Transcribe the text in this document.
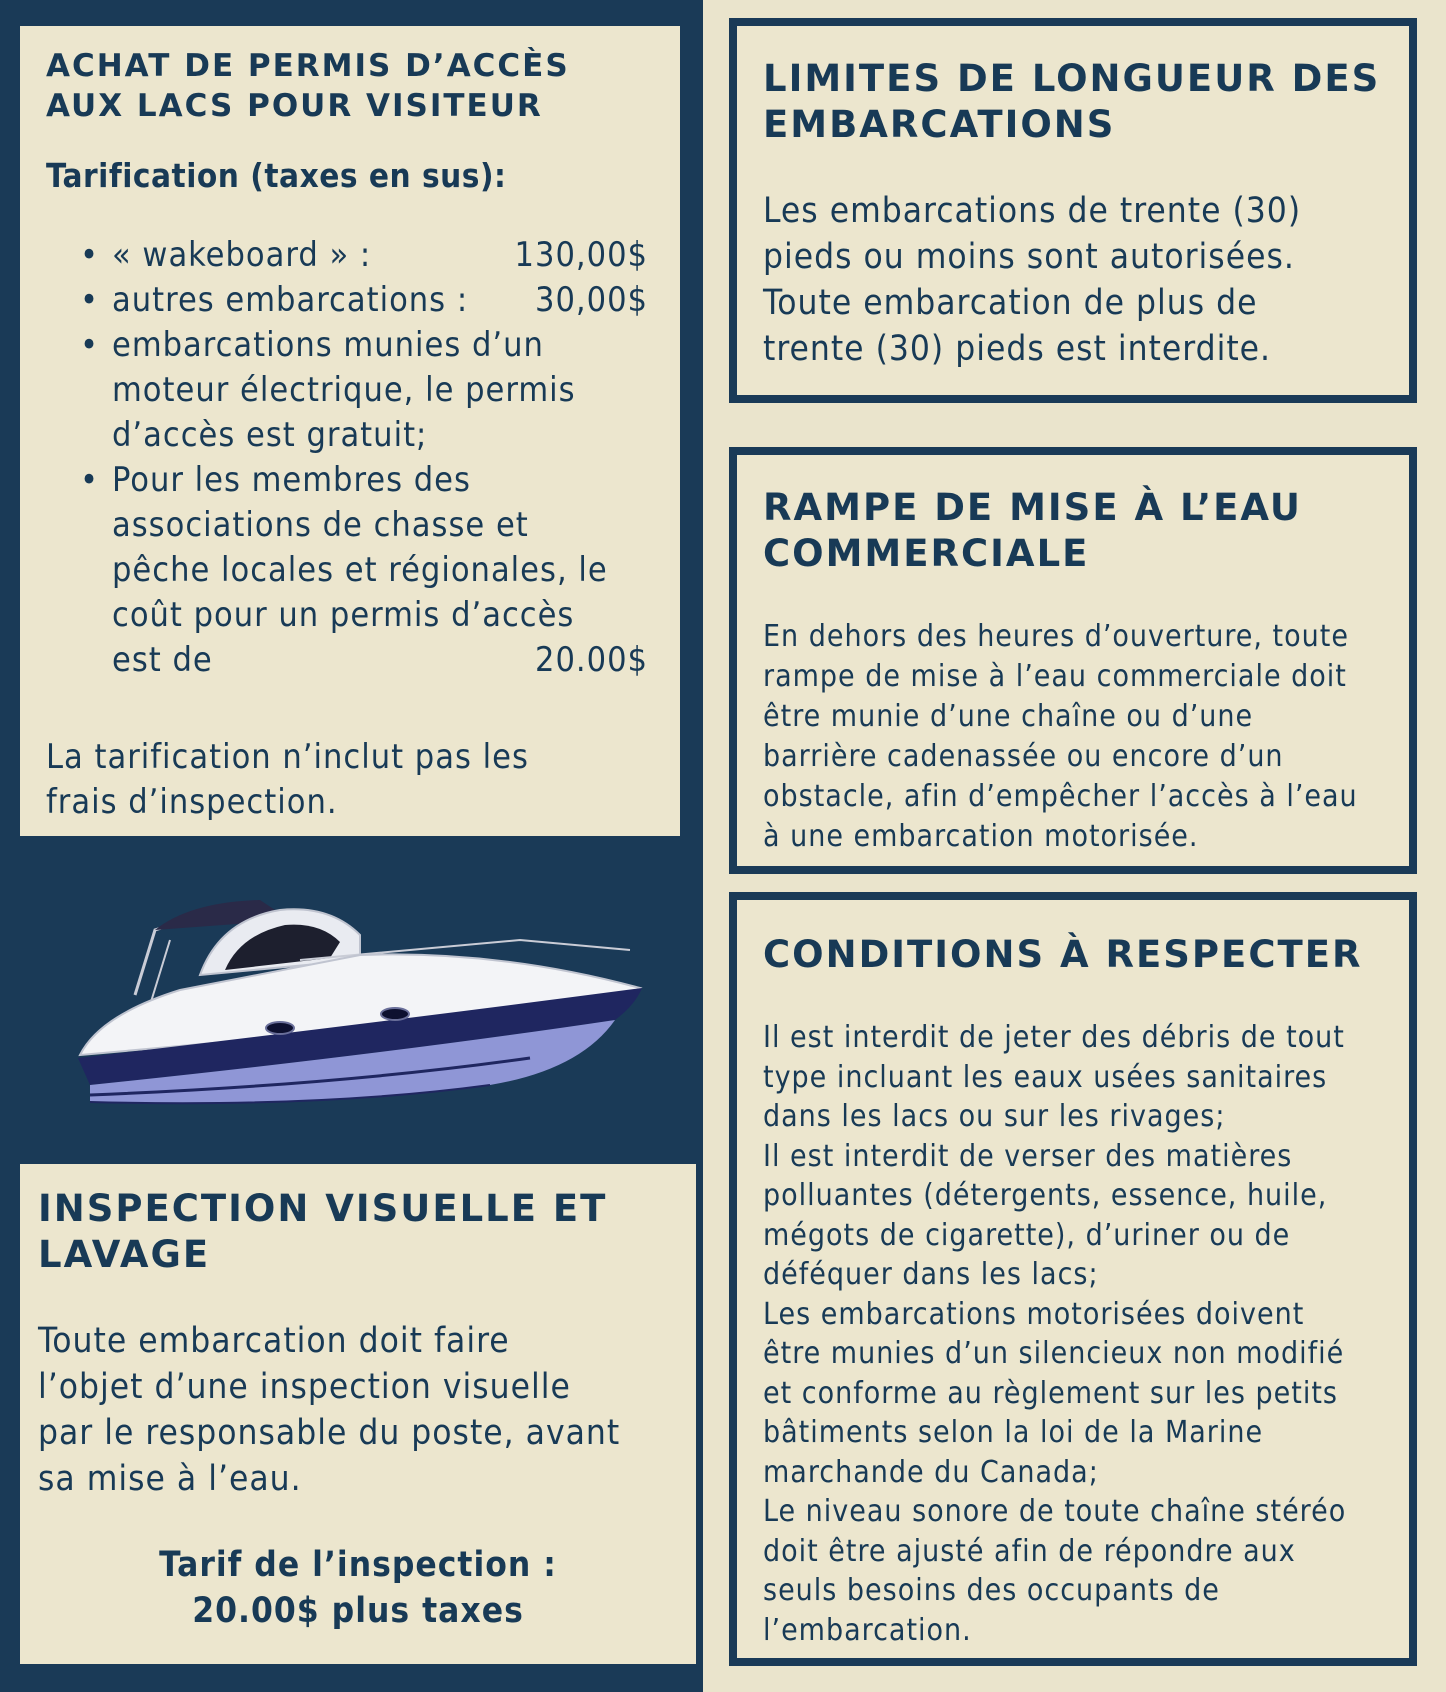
ACHAT DE PERMIS D’ACCÈS
AUX LACS POUR VISITEUR
Tarification (taxes en sus):
• « wakeboard » :	130,00$
• autres embarcations : 30,00$
• embarcations munies d’un
moteur électrique, le permis
d’accès est gratuit;
• Pour les membres des
associations de chasse et
pêche locales et régionales, le
coût pour un permis d’accès
est de	20.00$
La tarification n’inclut pas les
frais d’inspection.
INSPECTION VISUELLE ET
LAVAGE
Toute embarcation doit faire
l’objet d’une inspection visuelle
par le responsable du poste, avant
sa mise à l’eau.
Tarif de l’inspection :
20.00$ plus taxes
LIMITES DE LONGUEUR DES
EMBARCATIONS
Les embarcations de trente (30)
pieds ou moins sont autorisées.
Toute embarcation de plus de
trente (30) pieds est interdite.
RAMPE DE MISE À L’EAU
COMMERCIALE
En dehors des heures d’ouverture, toute
rampe de mise à l’eau commerciale doit
être munie d’une chaîne ou d’une
barrière cadenassée ou encore d’un
obstacle, afin d’empêcher l’accès à l’eau
à une embarcation motorisée.
CONDITIONS À RESPECTER
Il est interdit de jeter des débris de tout
type incluant les eaux usées sanitaires
dans les lacs ou sur les rivages;
Il est interdit de verser des matières
polluantes (détergents, essence, huile,
mégots de cigarette), d’uriner ou de
déféquer dans les lacs;
Les embarcations motorisées doivent
être munies d’un silencieux non modifié
et conforme au règlement sur les petits
bâtiments selon la loi de la Marine
marchande du Canada;
Le niveau sonore de toute chaîne stéréo
doit être ajusté afin de répondre aux
seuls besoins des occupants de
l’embarcation.
